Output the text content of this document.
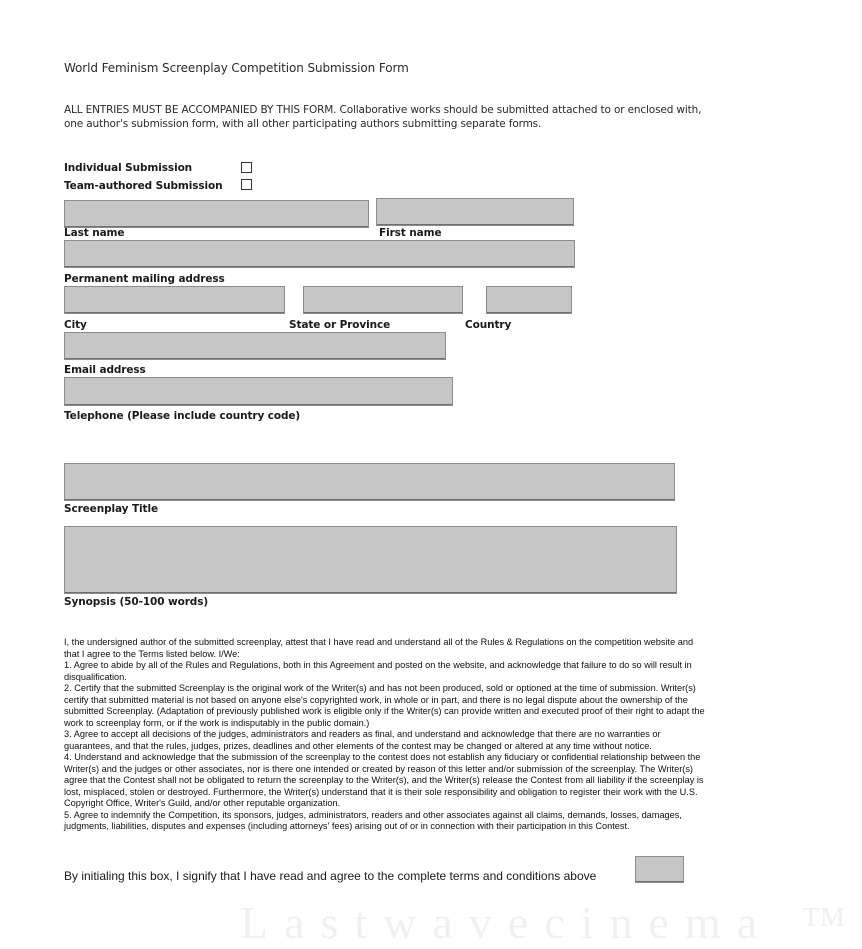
World Feminism Screenplay Competition Submission Form
ALL ENTRIES MUST BE ACCOMPANIED BY THIS FORM. Collaborative works should be submitted attached to or enclosed with, one author's submission form, with all other participating authors submitting separate forms.
Individual Submission
Team-authored Submission
Last name	First name
Permanent mailing address
City	State or Province	Country
Email address
Telephone (Please include country code)
Screenplay Title
Synopsis (50-100 words)

I, the undersigned author of the submitted screenplay, attest that I have read and understand all of the Rules & Regulations on the competition website and that I agree to the Terms listed below. I/We:

1. Agree to abide by all of the Rules and Regulations, both in this Agreement and posted on the website, and acknowledge that failure to do so will result in disqualification.

2. Certify that the submitted Screenplay is the original work of the Writer(s) and has not been produced, sold or optioned at the time of submission. Writer(s) certify that submitted material is not based on anyone else's copyrighted work, in whole or in part, and there is no legal dispute about the ownership of the submitted Screenplay. (Adaptation of previously published work is eligible only if the Writer(s) can provide written and executed proof of their right to adapt the work to screenplay form, or if the work is indisputably in the public domain.)

3. Agree to accept all decisions of the judges, administrators and readers as final, and understand and acknowledge that there are no warranties or guarantees, and that the rules, judges, prizes, deadlines and other elements of the contest may be changed or altered at any time without notice.

4. Understand and acknowledge that the submission of the screenplay to the contest does not establish any fiduciary or confidential relationship between the Writer(s) and the judges or other associates, nor is there one intended or created by reason of this letter and/or submission of the screenplay. The Writer(s) agree that the Contest shall not be obligated to return the screenplay to the Writer(s), and the Writer(s) release the Contest from all liability if the screenplay is lost, misplaced, stolen or destroyed. Furthermore, the Writer(s) understand that it is their sole responsibility and obligation to register their work with the U.S. Copyright Office, Writer's Guild, and/or other reputable organization.

5. Agree to indemnify the Competition, its sponsors, judges, administrators, readers and other associates against all claims, demands, losses, damages, judgments, liabilities, disputes and expenses (including attorneys' fees) arising out of or in connection with their participation in this Contest.

By initialing this box, I signify that I have read and agree to the complete terms and conditions above
Lastwavecinema ™
